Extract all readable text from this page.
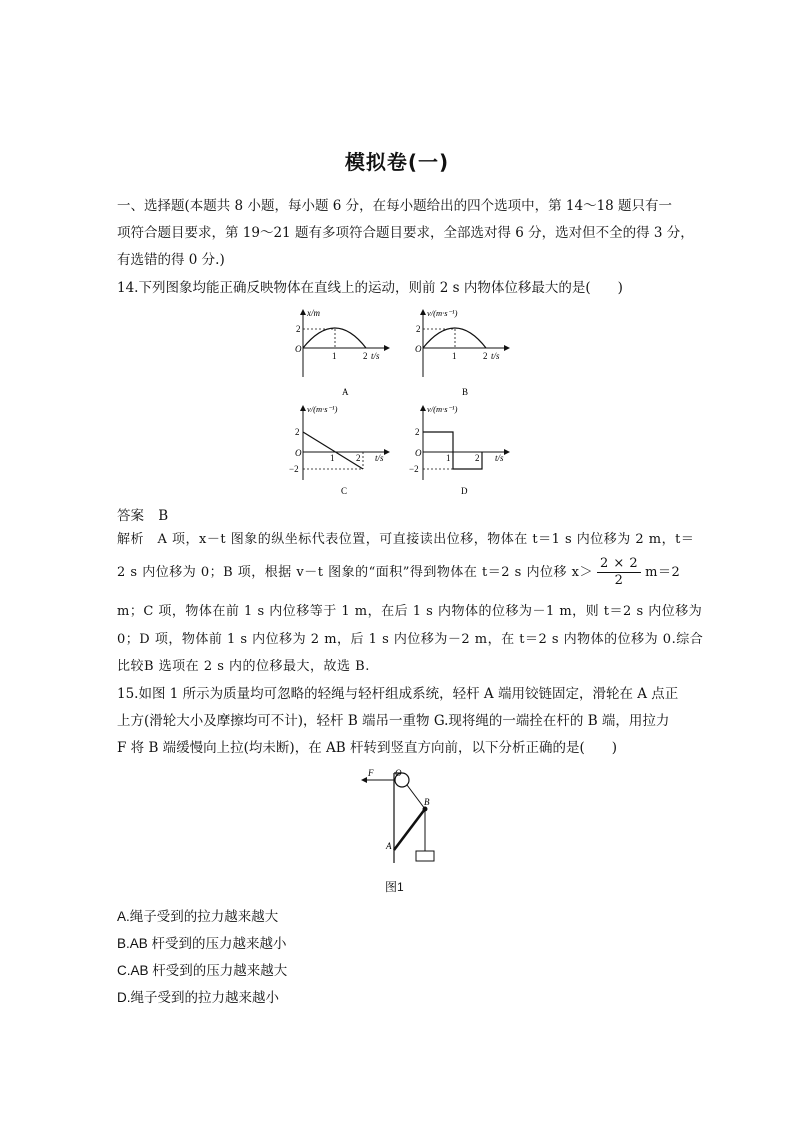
模拟卷(一)
一、选择题(本题共 8 小题，每小题 6 分，在每小题给出的四个选项中，第 14～18 题只有一
项符合题目要求，第 19～21 题有多项符合题目要求，全部选对得 6 分，选对但不全的得 3 分，
有选错的得 0 分.)
14.下列图象均能正确反映物体在直线上的运动，则前 2 s 内物体位移最大的是(　　)
x/m
t/s
O
2
1	2
A
v/(m·s⁻¹)
t/s
O
2
1	2
B
v/(m·s⁻¹)
t/s
O
2
−2
1 2
C
v/(m·s⁻¹)
t/s
O
2
−2
1	2
D
答案 B
解析　A 项，x－t 图象的纵坐标代表位置，可直接读出位移，物体在 t＝1 s 内位移为 2 m，t＝
2 s 内位移为 0；B 项，根据 v－t 图象的“面积”得到物体在 t＝2 s 内位移 $x> \frac{2 \times 2}{2} m=2$
m；C 项，物体在前 1 s 内位移等于 1 m，在后 1 s 内物体的位移为－1 m，则 t＝2 s 内位移为
0；D 项，物体前 1 s 内位移为 2 m，后 1 s 内位移为－2 m，在 t＝2 s 内物体的位移为 0.综合
比较B 选项在 2 s 内的位移最大，故选 B.
15.如图 1 所示为质量均可忽略的轻绳与轻杆组成系统，轻杆 A 端用铰链固定，滑轮在 A 点正
上方(滑轮大小及摩擦均可不计)，轻杆 B 端吊一重物 G.现将绳的一端拴在杆的 B 端，用拉力
F 将 B 端缓慢向上拉(均未断)，在 AB 杆转到竖直方向前，以下分析正确的是(　　)
F O
B
A
图1
A.绳子受到的拉力越来越大
B.AB 杆受到的压力越来越小
C.AB 杆受到的压力越来越大
D.绳子受到的拉力越来越小
